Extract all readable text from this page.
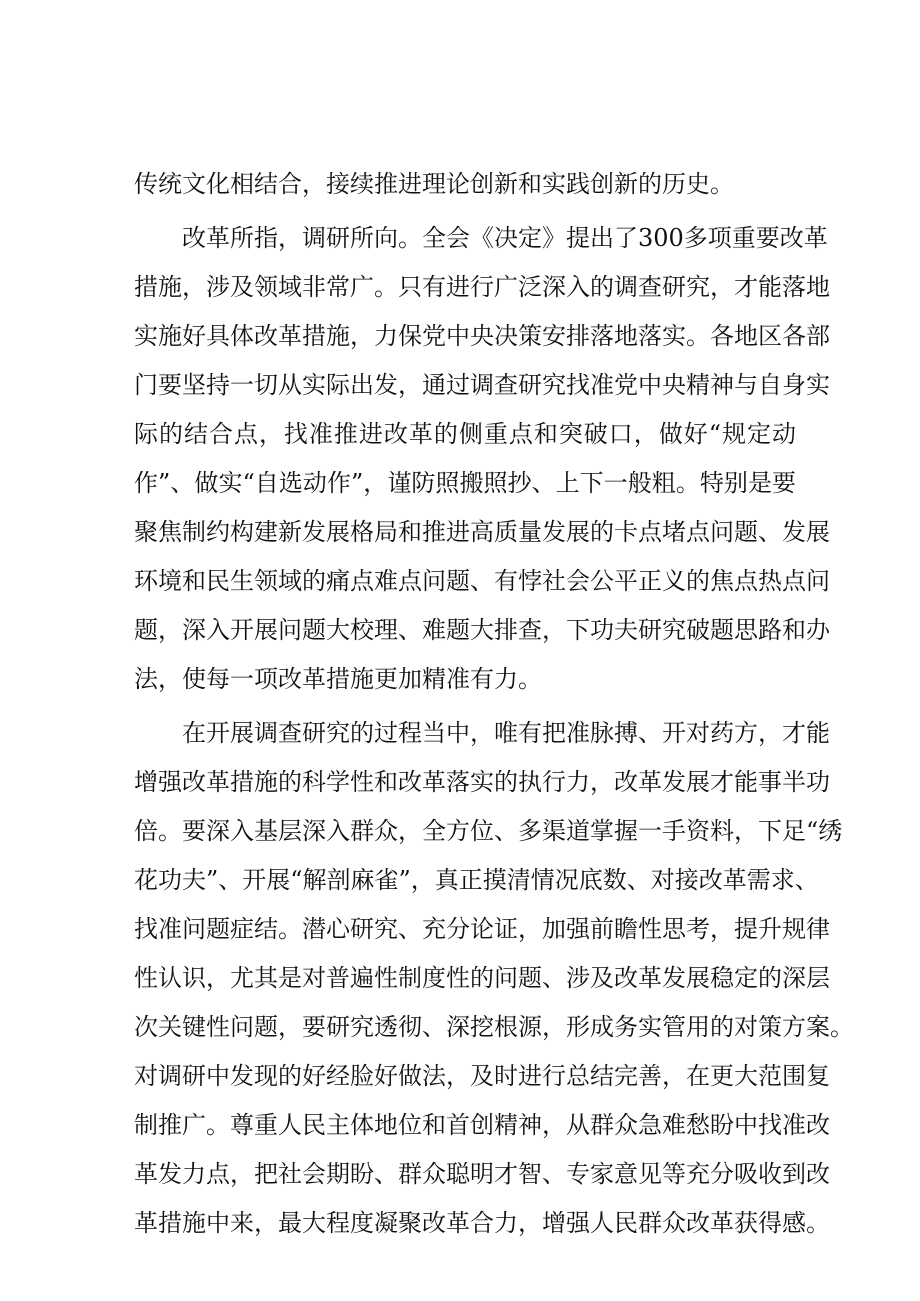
传统文化相结合，接续推进理论创新和实践创新的历史。
改革所指，调研所向。全会《决定》提出了300多项重要改革
措施，涉及领域非常广。只有进行广泛深入的调查研究，才能落地
实施好具体改革措施，力保党中央决策安排落地落实。各地区各部
门要坚持一切从实际出发，通过调查研究找准党中央精神与自身实
际的结合点，找准推进改革的侧重点和突破口，做好“规定动
作”、做实“自选动作”，谨防照搬照抄、上下一般粗。特别是要
聚焦制约构建新发展格局和推进高质量发展的卡点堵点问题、发展
环境和民生领域的痛点难点问题、有悖社会公平正义的焦点热点问
题，深入开展问题大校理、难题大排查，下功夫研究破题思路和办
法，使每一项改革措施更加精准有力。
在开展调查研究的过程当中，唯有把准脉搏、开对药方，才能
增强改革措施的科学性和改革落实的执行力，改革发展才能事半功
倍。要深入基层深入群众，全方位、多渠道掌握一手资料，下足“绣
花功夫”、开展“解剖麻雀”，真正摸清情况底数、对接改革需求、
找准问题症结。潜心研究、充分论证，加强前瞻性思考，提升规律
性认识，尤其是对普遍性制度性的问题、涉及改革发展稳定的深层
次关键性问题，要研究透彻、深挖根源，形成务实管用的对策方案。
对调研中发现的好经脸好做法，及时进行总结完善，在更大范围复
制推广。尊重人民主体地位和首创精神，从群众急难愁盼中找准改
革发力点，把社会期盼、群众聪明才智、专家意见等充分吸收到改
革措施中来，最大程度凝聚改革合力，增强人民群众改革获得感。
